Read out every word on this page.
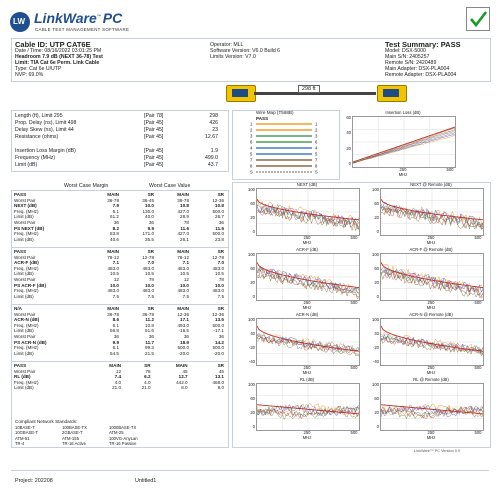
LW LinkWare™ PC
CABLE TEST MANAGEMENT SOFTWARE
Cable ID: UTP CAT6E
Date / Time: 08/16/2022 03:01:25 PM
Headroom 7.9 dB (NEXT 36-78) Test
Limit: TIA Cat 6e Perm. Link Cable
Type: Cat 6e U/UTP
NVP: 69.0%
Operator: MLL
Software Version: V6.0 Build 6
Limits Version: V7.0
Test Summary: PASS
Model: DSX-5000
Main S/N: 2405257
Remote S/N: 2420489
Main Adapter: DSX-PLA004
Remote Adapter: DSX-PLA004
298 ft
Worst Case Margin	Worst Case Value
Compliant Network Standards:
Wire Map (T568B)
PASS
1	1
2	2
3	3
6	6
4	4
5	5
7	7
8	8
S	S
LinkWare™ PC Version 9.9
Project: 202208	Untitled1
Length (ft), Limit 295	[Pair 78]	298
Prop. Delay (ns), Limit 498	[Pair 45]	426
Delay Skew (ns), Limit 44	[Pair 45]	23
Resistance (ohms)	[Pair 45]	12.67
Insertion Loss Margin (dB)	[Pair 45]	1.9
Frequency (MHz)	[Pair 45]	499.0
Limit (dB)	[Pair 45]	43.7
PASS	MAIN	SR	MAIN	SR
Worst Pair	36-78	36-45	36-78	12-36
NEXT (dB)	7.9	10.0	10.8	10.8
Freq. (MHz)	6.1	130.0	427.0	500.0
Limit (dB)	61.2	40.0	28.9	26.7
Worst Pair	36	36	78	36
PS NEXT (dB)	8.2	9.9	11.6	11.5
Freq. (MHz)	83.8	171.0	427.0	500.0
Limit (dB)	40.6	35.5	26.1	23.8
PASS	MAIN	SR	MAIN	SR
Worst Pair	78-12	12-78	78-12	12-78
ACR-F (dB)	7.1	7.0	7.1	7.0
Freq. (MHz)	483.0	483.0	483.0	483.0
Limit (dB)	10.5	10.5	10.5	10.5
Worst Pair	12	78	12	78
PS ACR-F (dB)	10.0	10.0	10.0	10.0
Freq. (MHz)	483.0	483.0	483.0	483.0
Limit (dB)	7.5	7.5	7.5	7.5
N/A	MAIN	SR	MAIN	SR
Worst Pair	36-78	36-78	12-36	12-36
ACR-N (dB)	8.6	11.2	17.1	13.5
Freq. (MHz)	6.1	10.8	493.0	500.0
Limit (dB)	56.8	51.6	-16.5	-17.1
Worst Pair	36	36	36	36
PS ACR-N (dB)	9.9	11.7	18.9	14.2
Freq. (MHz)	6.1	99.3	500.0	500.0
Limit (dB)	54.5	21.5	-20.0	-20.0
PASS	MAIN	SR	MAIN	SR
Worst Pair	12	78	45	45
RL (dB)	7.4	6.2	12.7	13.1
Freq. (MHz)	4.0	4.0	442.0	468.0
Limit (dB)	21.0	21.0	8.0	8.0
10BASE-T	100BASE-TX	1000BASE-TX
10GBASE-T	2GBASE-T	ATM-25
ATM-51	ATM-155	100VG-AnyLan
TR-4	TR-16 Active	TR-16 Passive
Insertion Loss (dB)
60
40
20
0
250	500
MHz
NEXT (dB)
100
60
20
0
250	500
MHz
NEXT @ Remote (dB)
100
60
20
0
250	500
MHz
ACR-F (dB)
100
60
20
0
250	500
MHz
ACR-F @ Remote (dB)
100
60
20
0
250	500
MHz
ACR-N (dB)
100
40
-20
-40
250	500
MHz
ACR-N @ Remote (dB)
100
40
-20
-40
250	500
MHz
RL (dB)
100
60
20
0
250	500
MHz
RL @ Remote (dB)
100
60
20
0
250	500
MHz
